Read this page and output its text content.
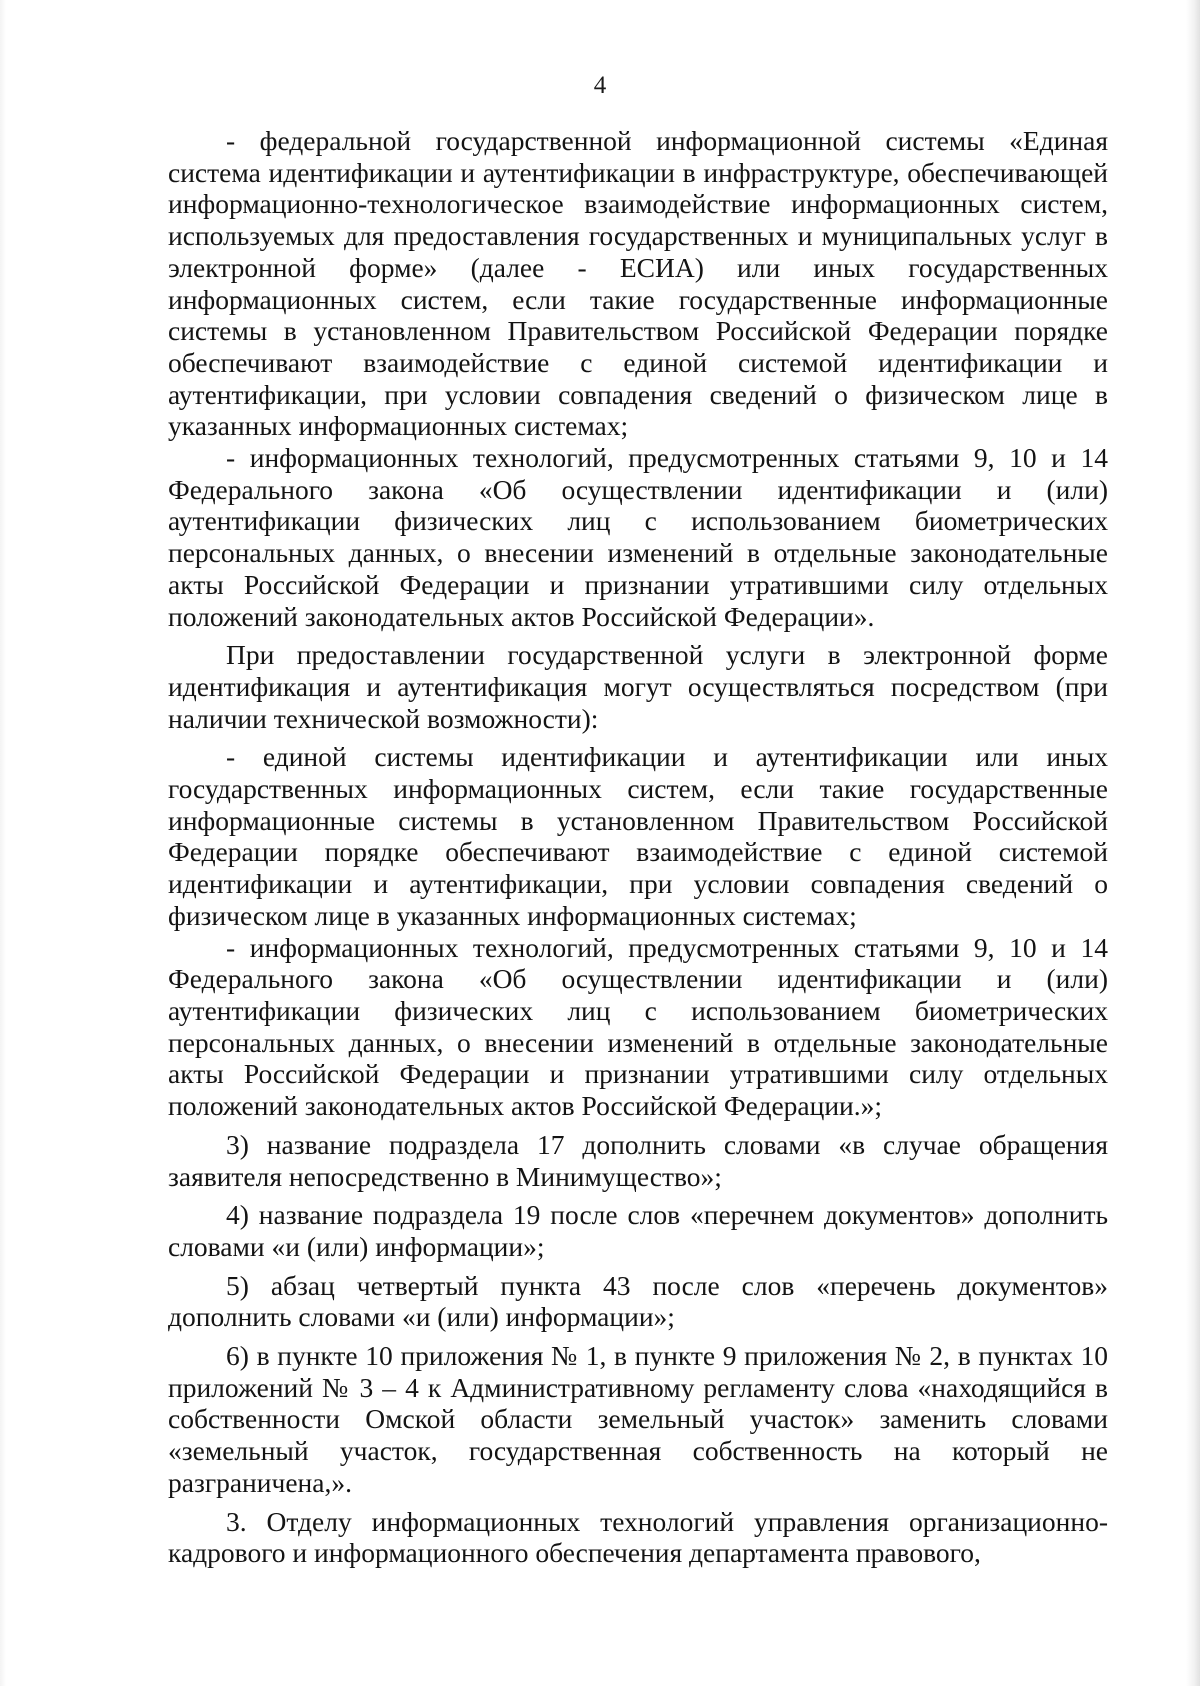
4

- федеральной государственной информационной системы «Единая система идентификации и аутентификации в инфраструктуре, обеспечивающей информационно-технологическое взаимодействие информационных систем, используемых для предоставления государственных и муниципальных услуг в электронной форме» (далее - ЕСИА) или иных государственных информационных систем, если такие государственные информационные системы в установленном Правительством Российской Федерации порядке обеспечивают взаимодействие с единой системой идентификации и аутентификации, при условии совпадения сведений о физическом лице в указанных информационных системах;

- информационных технологий, предусмотренных статьями 9, 10 и 14 Федерального закона «Об осуществлении идентификации и (или) аутентификации физических лиц с использованием биометрических персональных данных, о внесении изменений в отдельные законодательные акты Российской Федерации и признании утратившими силу отдельных положений законодательных актов Российской Федерации».

При предоставлении государственной услуги в электронной форме идентификация и аутентификация могут осуществляться посредством (при наличии технической возможности):

- единой системы идентификации и аутентификации или иных государственных информационных систем, если такие государственные информационные системы в установленном Правительством Российской Федерации порядке обеспечивают взаимодействие с единой системой идентификации и аутентификации, при условии совпадения сведений о физическом лице в указанных информационных системах;

- информационных технологий, предусмотренных статьями 9, 10 и 14 Федерального закона «Об осуществлении идентификации и (или) аутентификации физических лиц с использованием биометрических персональных данных, о внесении изменений в отдельные законодательные акты Российской Федерации и признании утратившими силу отдельных положений законодательных актов Российской Федерации.»;

3) название подраздела 17 дополнить словами «в случае обращения заявителя непосредственно в Минимущество»;

4) название подраздела 19 после слов «перечнем документов» дополнить словами «и (или) информации»;

5) абзац четвертый пункта 43 после слов «перечень документов» дополнить словами «и (или) информации»;

6) в пункте 10 приложения № 1, в пункте 9 приложения № 2, в пунктах 10 приложений № 3 – 4 к Административному регламенту слова «находящийся в собственности Омской области земельный участок» заменить словами «земельный участок, государственная собственность на который не разграничена,».

3. Отделу информационных технологий управления организационно-кадрового и информационного обеспечения департамента правового,
